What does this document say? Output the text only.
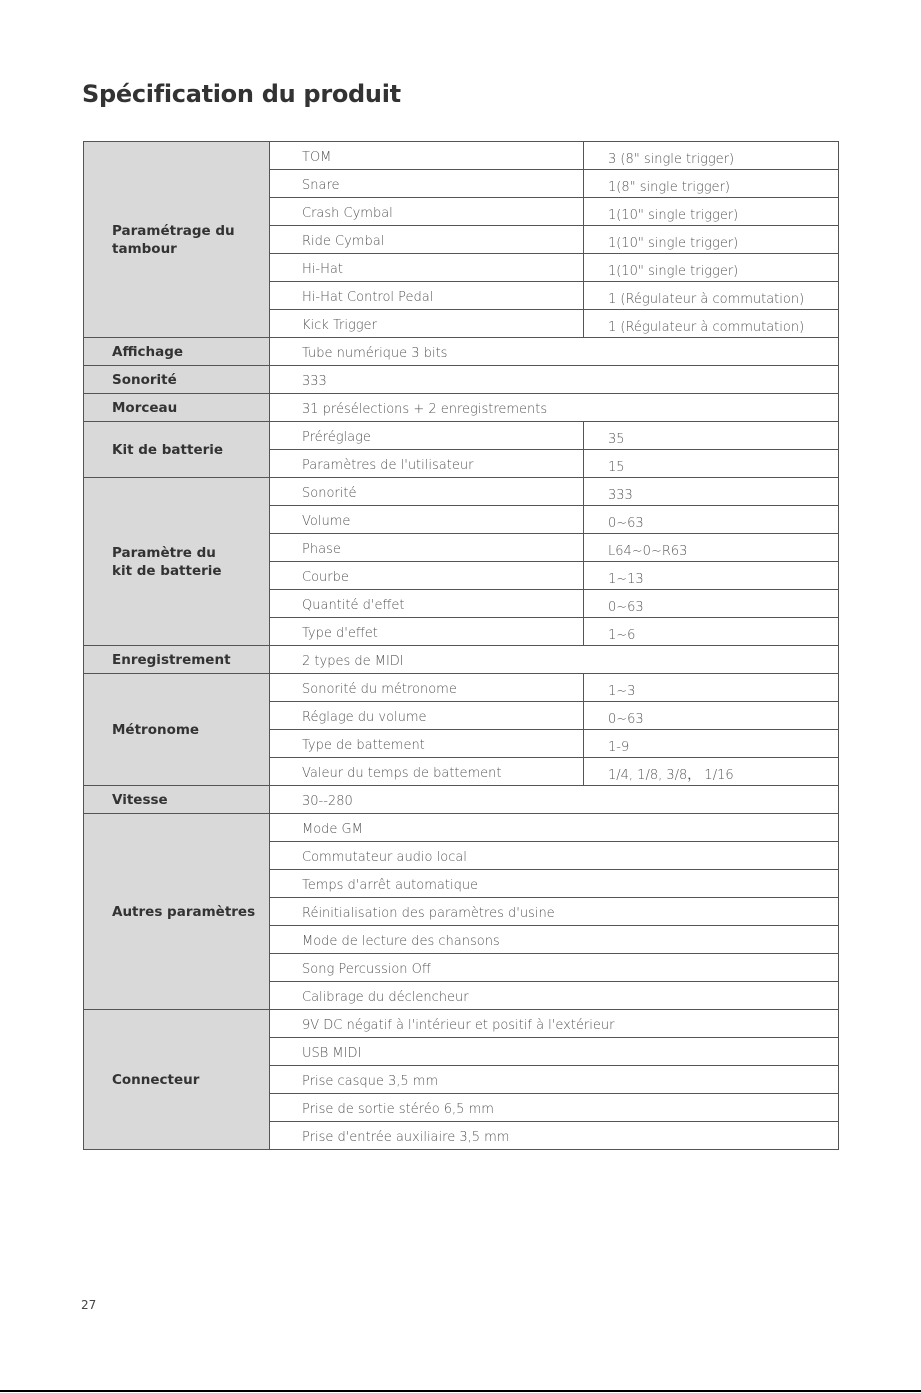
Spécification du produit
Paramétrage du
tambour	TOM	3 (8" single trigger)
	Snare	1(8" single trigger)
	Crash Cymbal	1(10" single trigger)
	Ride Cymbal	1(10" single trigger)
	Hi-Hat	1(10" single trigger)
	Hi-Hat Control Pedal	1 (Régulateur à commutation)
	Kick Trigger	1 (Régulateur à commutation)
Affichage	Tube numérique 3 bits	
Sonorité	333	
Morceau	31 présélections + 2 enregistrements	
Kit de batterie	Préréglage	35
	Paramètres de l'utilisateur	15
Paramètre du
kit de batterie	Sonorité	333
	Volume	0~63
	Phase	L64~0~R63
	Courbe	1~13
	Quantité d'effet	0~63
	Type d'effet	1~6
Enregistrement	2 types de MIDI	
Métronome	Sonorité du métronome	1~3
	Réglage du volume	0~63
	Type de battement	1-9
	Valeur du temps de battement	1/4, 1/8, 3/8， 1/16
Vitesse	30--280	
Autres paramètres	Mode GM	
	Commutateur audio local	
	Temps d'arrêt automatique	
	Réinitialisation des paramètres d'usine	
	Mode de lecture des chansons	
	Song Percussion Off	
	Calibrage du déclencheur	
Connecteur	9V DC négatif à l'intérieur et positif à l'extérieur	
	USB MIDI	
	Prise casque 3,5 mm	
	Prise de sortie stéréo 6,5 mm	
	Prise d'entrée auxiliaire 3,5 mm	
27
